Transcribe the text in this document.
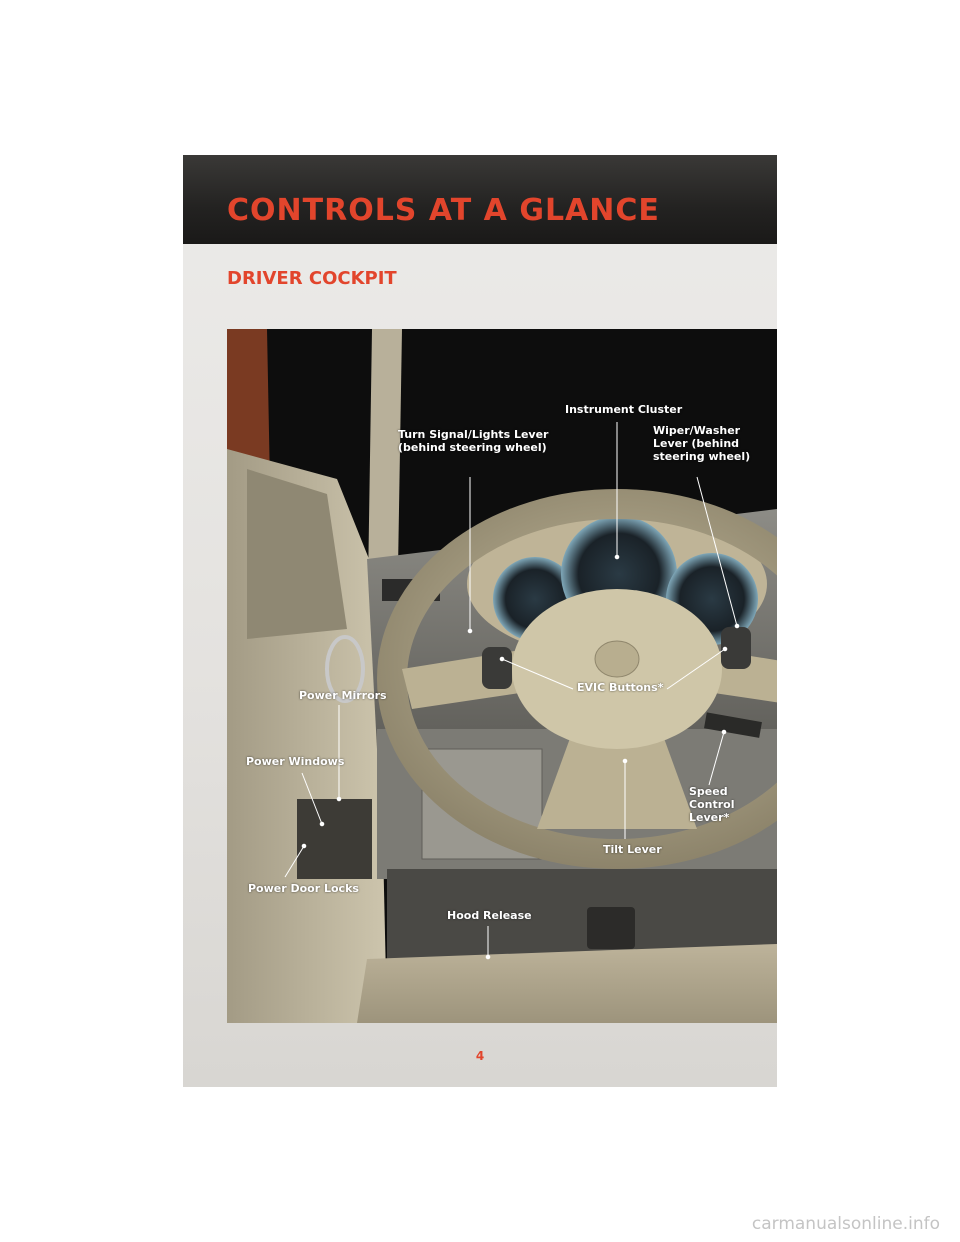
CONTROLS AT A GLANCE
DRIVER COCKPIT
Turn Signal/Lights Lever
(behind steering wheel)
Instrument Cluster
Wiper/Washer
Lever (behind
steering wheel)
Power Mirrors
EVIC Buttons*
Power Windows
Speed
Control
Lever*
Tilt Lever
Power Door Locks
Hood Release
4
carmanualsonline.info
